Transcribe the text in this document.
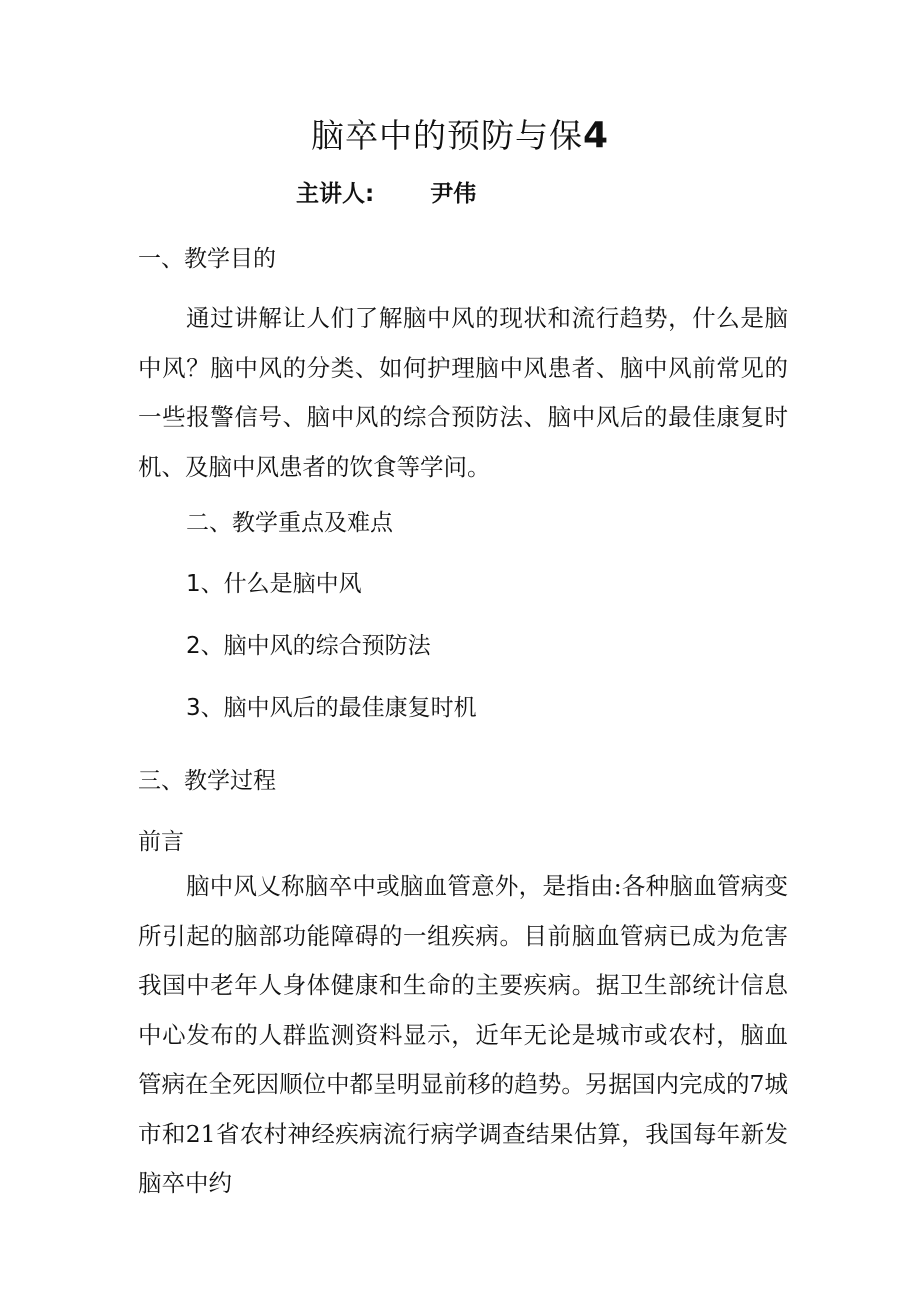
脑卒中的预防与保4
主讲人: 尹伟
一、教学目的

通过讲解让人们了解脑中风的现状和流行趋势，什么是脑中风？脑中风的分类、如何护理脑中风患者、脑中风前常见的一些报警信号、脑中风的综合预防法、脑中风后的最佳康复时机、及脑中风患者的饮食等学问。

二、教学重点及难点
1、什么是脑中风
2、脑中风的综合预防法
3、脑中风后的最佳康复时机
三、教学过程
前言

脑中风乂称脑卒中或脑血管意外，是指由:各种脑血管病变所引起的脑部功能障碍的一组疾病。目前脑血管病已成为危害我国中老年人身体健康和生命的主要疾病。据卫生部统计信息中心发布的人群监测资料显示，近年无论是城市或农村，脑血管病在全死因顺位中都呈明显前移的趋势。另据国内完成的7城市和21省农村神经疾病流行病学调查结果估算，我国每年新发脑卒中约
